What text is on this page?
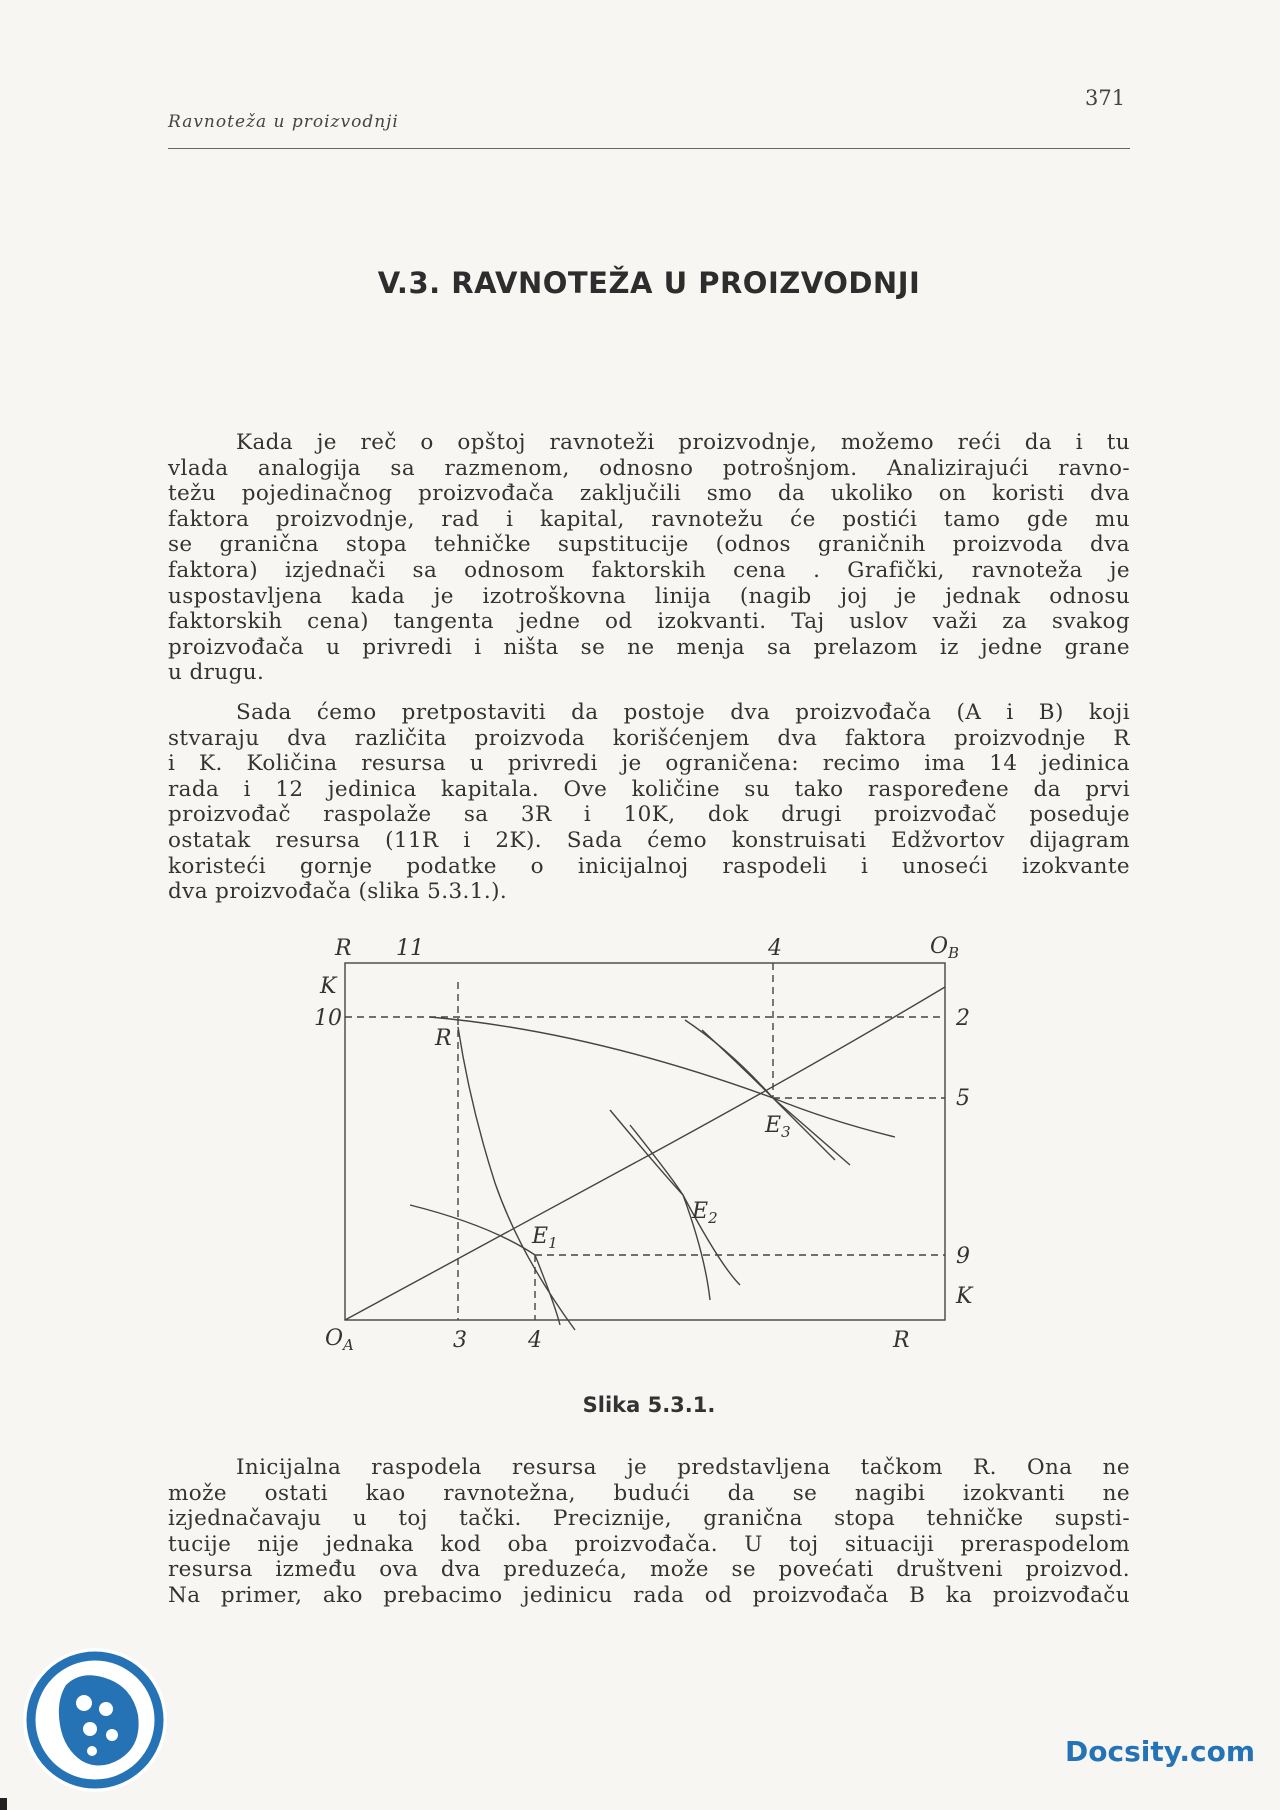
371
Ravnoteža u proizvodnji
V.3. RAVNOTEŽA U PROIZVODNJI
Kada je reč o opštoj ravnoteži proizvodnje, možemo reći da i tu
vlada analogija sa razmenom, odnosno potrošnjom. Analizirajući ravno-
težu pojedinačnog proizvođača zaključili smo da ukoliko on koristi dva
faktora proizvodnje, rad i kapital, ravnotežu će postići tamo gde mu
se granična stopa tehničke supstitucije (odnos graničnih proizvoda dva
faktora) izjednači sa odnosom faktorskih cena . Grafički, ravnoteža je
uspostavljena kada je izotroškovna linija (nagib joj je jednak odnosu
faktorskih cena) tangenta jedne od izokvanti. Taj uslov važi za svakog
proizvođača u privredi i ništa se ne menja sa prelazom iz jedne grane
u drugu.
Sada ćemo pretpostaviti da postoje dva proizvođača (A i B) koji
stvaraju dva različita proizvoda korišćenjem dva faktora proizvodnje R
i K. Količina resursa u privredi je ograničena: recimo ima 14 jedinica
rada i 12 jedinica kapitala. Ove količine su tako raspoređene da prvi
proizvođač raspolaže sa 3R i 10K, dok drugi proizvođač poseduje
ostatak resursa (11R i 2K). Sada ćemo konstruisati Edžvortov dijagram
koristeći gornje podatke o inicijalnoj raspodeli i unoseći izokvante
dva proizvođača (slika 5.3.1.).
R 11	4	$O_B$
K
10
R
2
5
9
K
$O_A$	3	4	R
$E_1$
$E_2$
$E_3$
Slika 5.3.1.
Inicijalna raspodela resursa je predstavljena tačkom R. Ona ne
može ostati kao ravnotežna, budući da se nagibi izokvanti ne
izjednačavaju u toj tački. Preciznije, granična stopa tehničke supsti-
tucije nije jednaka kod oba proizvođača. U toj situaciji preraspodelom
resursa između ova dva preduzeća, može se povećati društveni proizvod.
Na primer, ako prebacimo jedinicu rada od proizvođača B ka proizvođaču
Docsity.com
